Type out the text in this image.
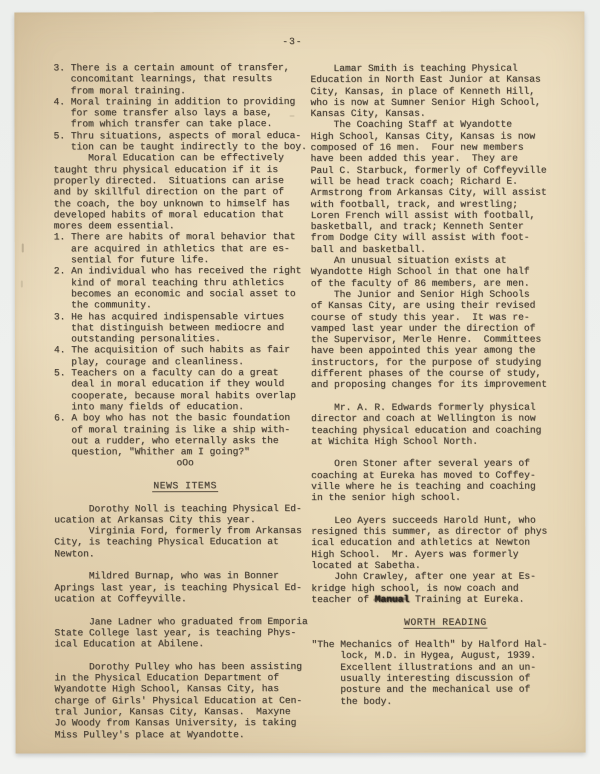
-3-
3. There is a certain amount of transfer,
concomitant learnings, that results
from moral training.
4. Moral training in addition to providing
for some transfer also lays a base,
from which transfer can take place.
5. Thru situations, aspects of moral educa-
tion can be taught indirectly to the boy.
Moral Education can be effectively
taught thru physical education if it is
properly directed.  Situations can arise
and by skillful direction on the part of
the coach, the boy unknown to himself has
developed habits of moral education that
mores deem essential.
1. There are habits of moral behavior that
are acquired in athletics that are es-
sential for future life.
2. An individual who has received the right
kind of moral teaching thru athletics
becomes an economic and social asset to
the community.
3. He has acquired indispensable virtues
that distinguish between mediocre and
outstanding personalities.
4. The acquisition of such habits as fair
play, courage and cleanliness.
5. Teachers on a faculty can do a great
deal in moral education if they would
cooperate, because moral habits overlap
into many fields of education.
6. A boy who has not the basic foundation
of moral training is like a ship with-
out a rudder, who eternally asks the
question, "Whither am I going?"
oOo

NEWS ITEMS

Dorothy Noll is teaching Physical Ed-
ucation at Arkansas City this year.
Virginia Ford, formerly from Arkansas
City, is teaching Physical Education at
Newton.

Mildred Burnap, who was in Bonner
Aprings last year, is teaching Physical Ed-
ucation at Coffeyville.

Jane Ladner who graduated from Emporia
State College last year, is teaching Phys-
ical Education at Abilene.

Dorothy Pulley who has been assisting
in the Physical Education Department of
Wyandotte High School, Kansas City, has
charge of Girls' Physical Education at Cen-
tral Junior, Kansas City, Kansas.  Maxyne
Jo Woody from Kansas University, is taking
Miss Pulley's place at Wyandotte.
Lamar Smith is teaching Physical
Education in North East Junior at Kansas
City, Kansas, in place of Kenneth Hill,
who is now at Sumner Senior High School,
Kansas City, Kansas.
The Coaching Staff at Wyandotte
High School, Kansas City, Kansas is now
composed of 16 men.  Four new members
have been added this year.  They are
Paul C. Starbuck, formerly of Coffeyville
will be head track coach; Richard E.
Armstrong from Arkansas City, will assist
with football, track, and wrestling;
Loren French will assist with football,
basketball, and track; Kenneth Senter
from Dodge City will assist with foot-
ball and basketball.
An unusual situation exists at
Wyandotte High School in that one half
of the faculty of 86 members, are men.
The Junior and Senior High Schools
of Kansas City, are using their revised
course of study this year.  It was re-
vamped last year under the direction of
the Supervisor, Merle Henre.  Committees
have been appointed this year among the
instructors, for the purpose of studying
different phases of the course of study,
and proposing changes for its improvement

Mr. A. R. Edwards formerly physical
director and coach at Wellington is now
teaching physical education and coaching
at Wichita High School North.

Oren Stoner after several years of
coaching at Eureka has moved to Coffey-
ville where he is teaching and coaching
in the senior high school.

Leo Ayers succeeds Harold Hunt, who
resigned this summer, as director of phys
ical education and athletics at Newton
High School.  Mr. Ayers was formerly
located at Sabetha.
John Crawley, after one year at Es-
kridge high school, is now coach and
teacher of Manual Training at Eureka.

WORTH READING

"The Mechanics of Health" by Halford Hal-
lock, M.D. in Hygea, August, 1939.
Excellent illustrations and an un-
usually interesting discussion of
posture and the mechanical use of
the body.
